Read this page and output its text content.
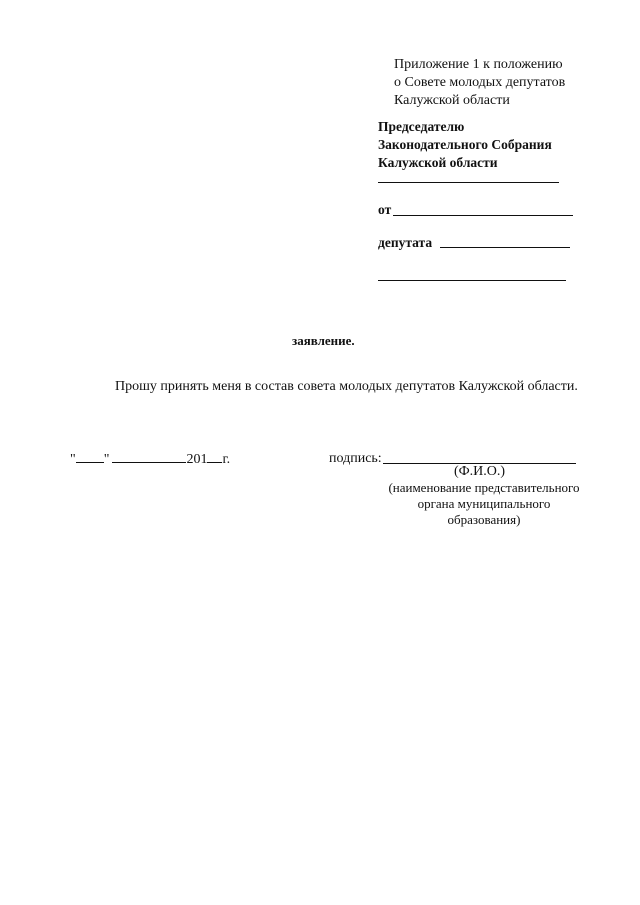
Приложение 1 к положению
о Совете молодых депутатов
Калужской области
Председателю
Законодательного Собрания
Калужской области
от
депутата
заявление.
Прошу принять меня в состав совета молодых депутатов Калужской области.
" "	201 г.	подпись:
(Ф.И.О.)
(наименование представительного
органа муниципального
образования)
